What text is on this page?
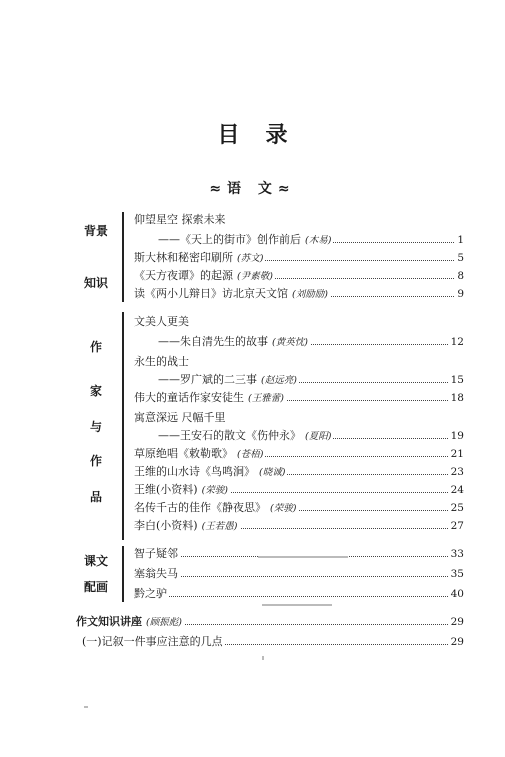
目录
≈语 文≈
背景
知识
作
家
与
作
品
课文
配画
仰望星空 探索未来
——《天上的街市》创作前后 (木易)	1
斯大林和秘密印刷所 (苏文)	5
《天方夜谭》的起源 (尹素敬)	8
读《两小儿辩日》访北京天文馆 (刘励励)	9
文美人更美
——朱自清先生的故事 (黄英忱)	12
永生的战士
——罗广斌的二三事 (赵远亮)	15
伟大的童话作家安徒生 (王雅蕾)	18
寓意深远 尺幅千里
——王安石的散文《伤仲永》 (夏阳)	19
草原绝唱《敕勒歌》 (苍梧)	21
王维的山水诗《鸟鸣涧》 (晓诚)	23
王维(小资料) (荣骏)	24
名传千古的佳作《静夜思》 (荣骏)	25
李白(小资料) (王若愚)	27
智子疑邻	33
塞翁失马	35
黔之驴	40
作文知识讲座 (顾振彪)	29
(一)记叙一件事应注意的几点	29
